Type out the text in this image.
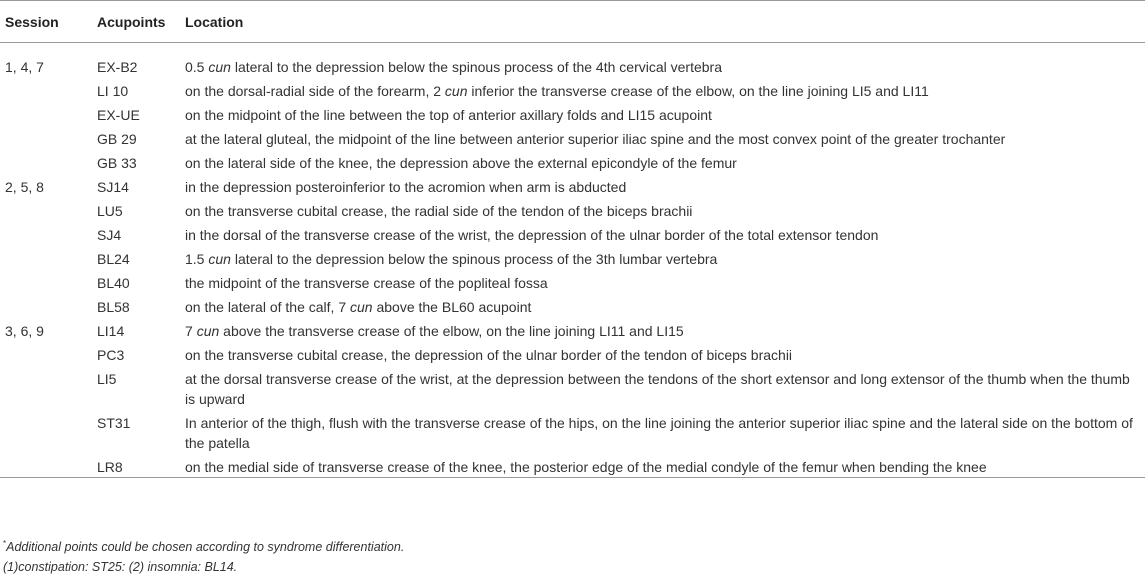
Session	Acupoints	Location
1, 4, 7	EX-B2	0.5 cun lateral to the depression below the spinous process of the 4th cervical vertebra
	LI 10	on the dorsal-radial side of the forearm, 2 cun inferior the transverse crease of the elbow, on the line joining LI5 and LI11
	EX-UE	on the midpoint of the line between the top of anterior axillary folds and LI15 acupoint
	GB 29	at the lateral gluteal, the midpoint of the line between anterior superior iliac spine and the most convex point of the greater trochanter
	GB 33	on the lateral side of the knee, the depression above the external epicondyle of the femur
2, 5, 8	SJ14	in the depression posteroinferior to the acromion when arm is abducted
	LU5	on the transverse cubital crease, the radial side of the tendon of the biceps brachii
	SJ4	in the dorsal of the transverse crease of the wrist, the depression of the ulnar border of the total extensor tendon
	BL24	1.5 cun lateral to the depression below the spinous process of the 3th lumbar vertebra
	BL40	the midpoint of the transverse crease of the popliteal fossa
	BL58	on the lateral of the calf, 7 cun above the BL60 acupoint
3, 6, 9	LI14	7 cun above the transverse crease of the elbow, on the line joining LI11 and LI15
	PC3	on the transverse cubital crease, the depression of the ulnar border of the tendon of biceps brachii
	LI5	at the dorsal transverse crease of the wrist, at the depression between the tendons of the short extensor and long extensor of the thumb when the thumb is upward
	ST31	In anterior of the thigh, flush with the transverse crease of the hips, on the line joining the anterior superior iliac spine and the lateral side on the bottom of the patella
	LR8	on the medial side of transverse crease of the knee, the posterior edge of the medial condyle of the femur when bending the knee
*Additional points could be chosen according to syndrome differentiation.
(1)constipation: ST25: (2) insomnia: BL14.
